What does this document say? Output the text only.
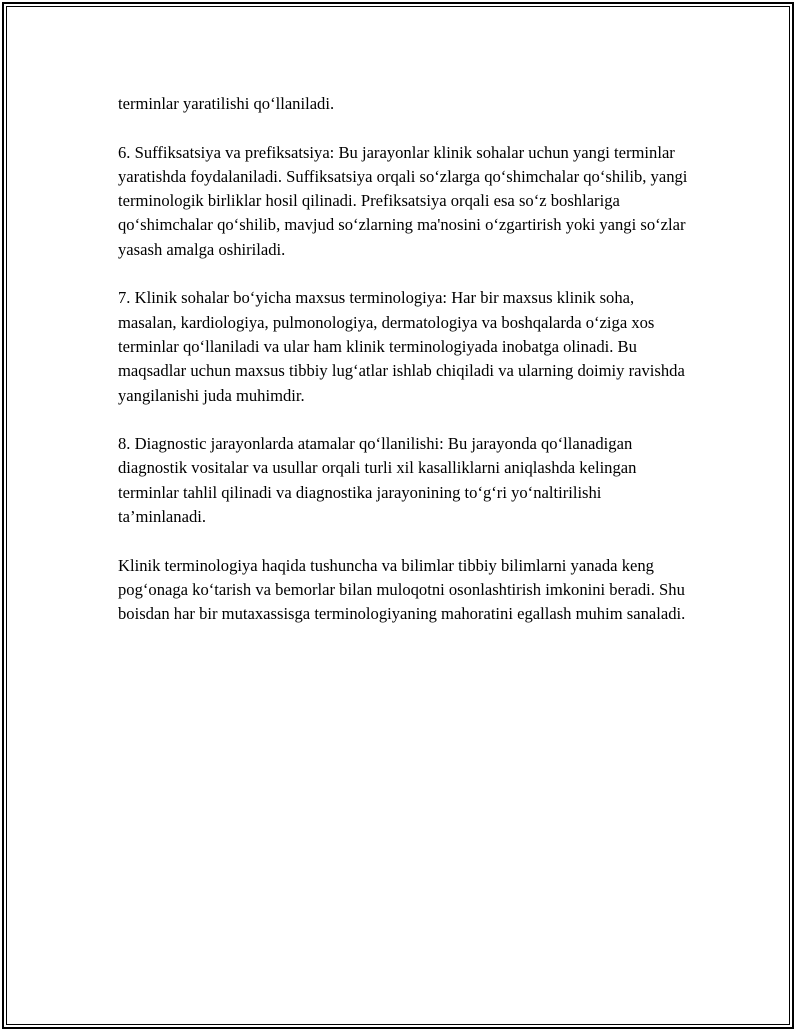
terminlar yaratilishi qo‘llaniladi.

6. Suffiksatsiya va prefiksatsiya: Bu jarayonlar klinik sohalar uchun yangi terminlar yaratishda foydalaniladi. Suffiksatsiya orqali so‘zlarga qo‘shimchalar qo‘shilib, yangi terminologik birliklar hosil qilinadi. Prefiksatsiya orqali esa so‘z boshlariga qo‘shimchalar qo‘shilib, mavjud so‘zlarning ma'nosini o‘zgartirish yoki yangi so‘zlar yasash amalga oshiriladi.

7. Klinik sohalar bo‘yicha maxsus terminologiya: Har bir maxsus klinik soha, masalan, kardiologiya, pulmonologiya, dermatologiya va boshqalarda o‘ziga xos terminlar qo‘llaniladi va ular ham klinik terminologiyada inobatga olinadi. Bu maqsadlar uchun maxsus tibbiy lug‘atlar ishlab chiqiladi va ularning doimiy ravishda yangilanishi juda muhimdir.

8. Diagnostic jarayonlarda atamalar qo‘llanilishi: Bu jarayonda qo‘llanadigan diagnostik vositalar va usullar orqali turli xil kasalliklarni aniqlashda kelingan terminlar tahlil qilinadi va diagnostika jarayonining to‘g‘ri yo‘naltirilishi ta’minlanadi.

Klinik terminologiya haqida tushuncha va bilimlar tibbiy bilimlarni yanada keng pog‘onaga ko‘tarish va bemorlar bilan muloqotni osonlashtirish imkonini beradi. Shu boisdan har bir mutaxassisga terminologiyaning mahoratini egallash muhim sanaladi.
